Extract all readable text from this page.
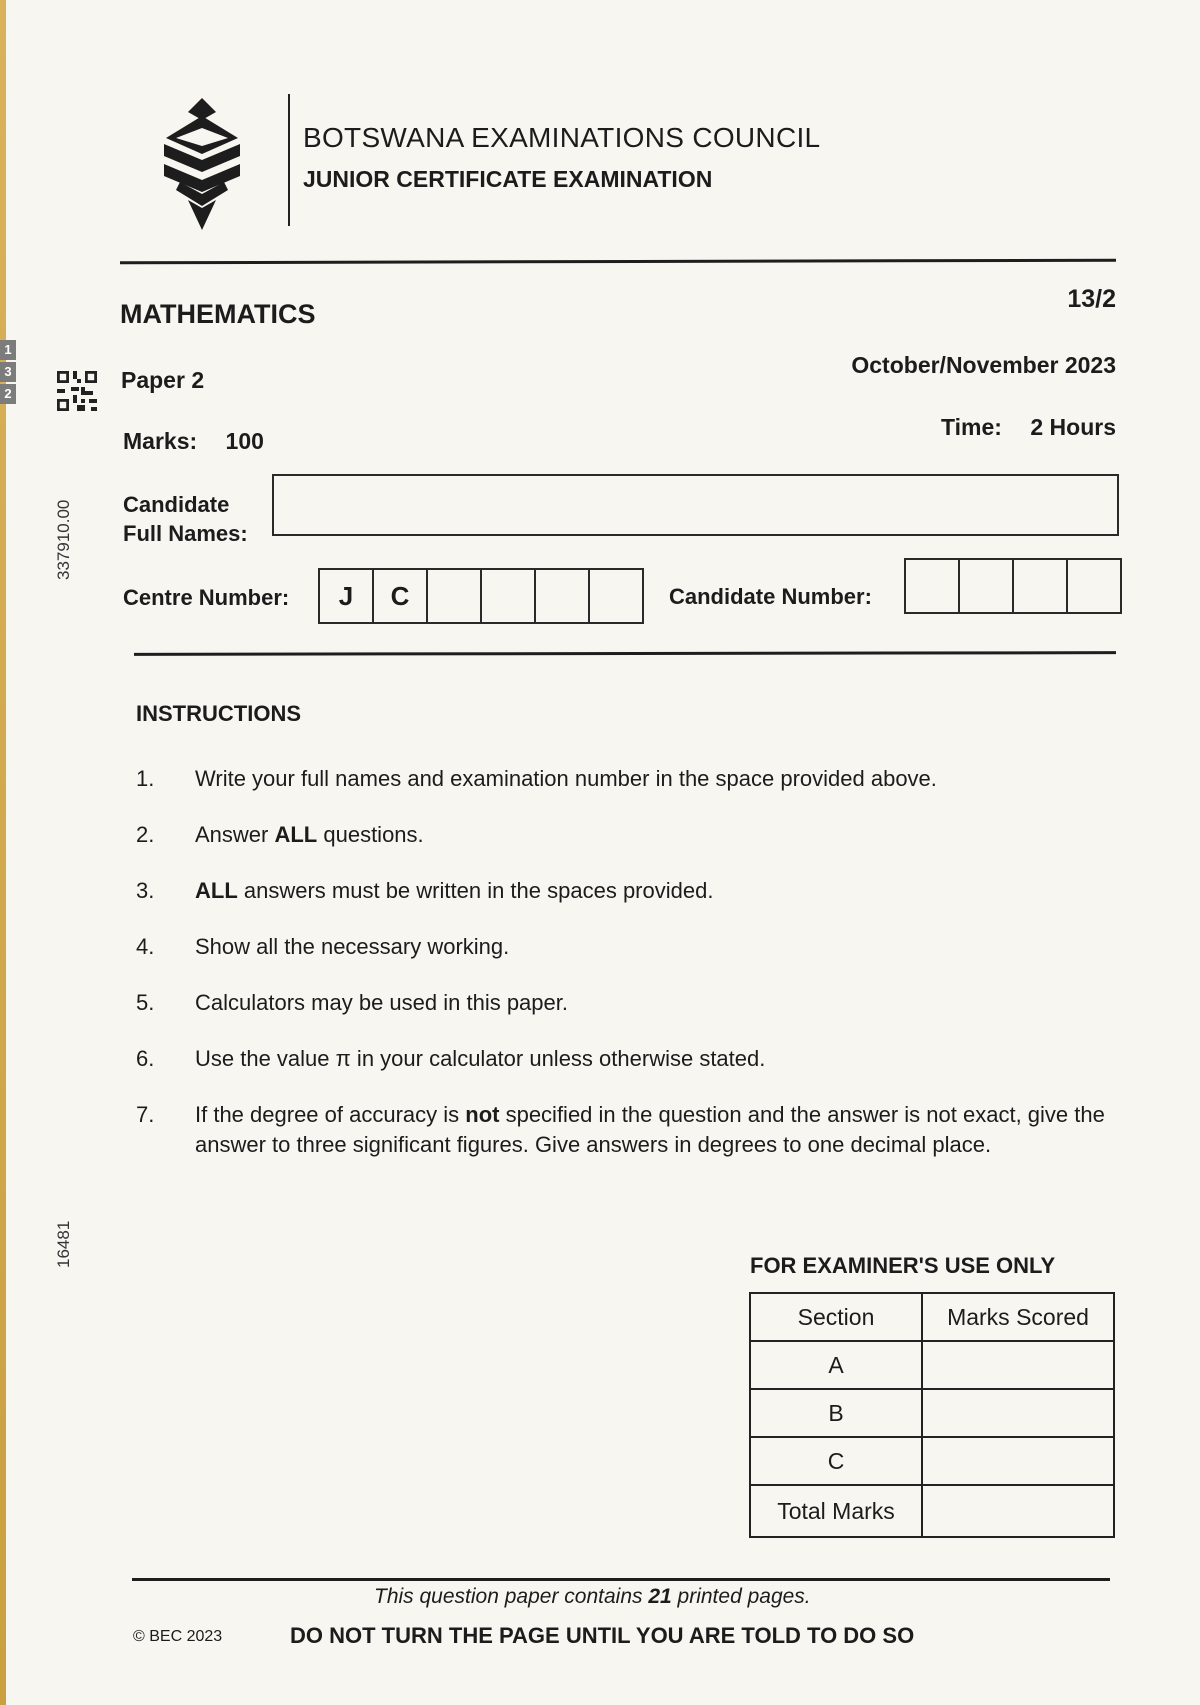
1
3
2
337910.00
16481
BOTSWANA EXAMINATIONS COUNCIL
JUNIOR CERTIFICATE EXAMINATION
MATHEMATICS	13/2
Paper 2
October/November 2023
Marks: 100
Time: 2 Hours
Candidate
Full Names:
Centre Number:	J	C	Candidate Number:
INSTRUCTIONS
1. Write your full names and examination number in the space provided above.
2. Answer ALL questions.
3. ALL answers must be written in the spaces provided.
4. Show all the necessary working.
5. Calculators may be used in this paper.
6. Use the value π in your calculator unless otherwise stated.
7. If the degree of accuracy is not specified in the question and the answer is not exact, give the answer to three significant figures. Give answers in degrees to one decimal place.
FOR EXAMINER'S USE ONLY
Section	Marks Scored
A	
B	
C	
Total Marks	
This question paper contains 21 printed pages.
© BEC 2023	DO NOT TURN THE PAGE UNTIL YOU ARE TOLD TO DO SO
